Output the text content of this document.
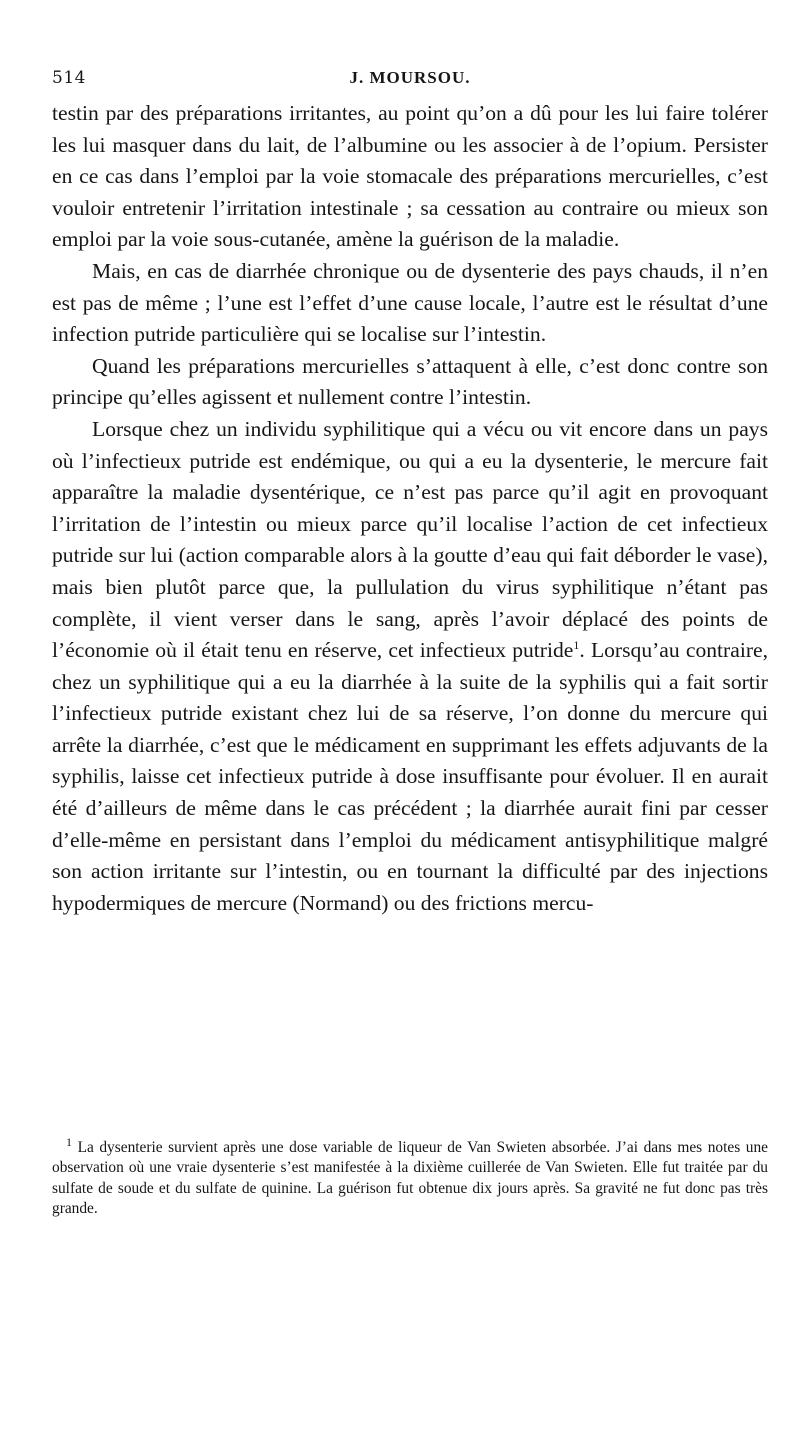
514	J. MOURSOU.

testin par des préparations irritantes, au point qu’on a dû pour les lui faire tolérer les lui masquer dans du lait, de l’albumine ou les associer à de l’opium. Persister en ce cas dans l’emploi par la voie stomacale des préparations mercurielles, c’est vouloir entretenir l’irritation intestinale ; sa cessation au contraire ou mieux son emploi par la voie sous-cutanée, amène la guérison de la maladie.

Mais, en cas de diarrhée chronique ou de dysenterie des pays chauds, il n’en est pas de même ; l’une est l’effet d’une cause locale, l’autre est le résultat d’une infection putride particulière qui se localise sur l’intestin.

Quand les préparations mercurielles s’attaquent à elle, c’est donc contre son principe qu’elles agissent et nullement contre l’intestin.

Lorsque chez un individu syphilitique qui a vécu ou vit encore dans un pays où l’infectieux putride est endémique, ou qui a eu la dysenterie, le mercure fait apparaître la maladie dysentérique, ce n’est pas parce qu’il agit en provoquant l’irritation de l’intestin ou mieux parce qu’il localise l’action de cet infectieux putride sur lui (action comparable alors à la goutte d’eau qui fait déborder le vase), mais bien plutôt parce que, la pullulation du virus syphilitique n’étant pas complète, il vient verser dans le sang, après l’avoir déplacé des points de l’économie où il était tenu en réserve, cet infectieux putride$^1$. Lorsqu’au contraire, chez un syphilitique qui a eu la diarrhée à la suite de la syphilis qui a fait sortir l’infectieux putride existant chez lui de sa réserve, l’on donne du mercure qui arrête la diarrhée, c’est que le médicament en supprimant les effets adjuvants de la syphilis, laisse cet infectieux putride à dose insuffisante pour évoluer. Il en aurait été d’ailleurs de même dans le cas précédent ; la diarrhée aurait fini par cesser d’elle-même en persistant dans l’emploi du médicament antisyphilitique malgré son action irritante sur l’intestin, ou en tournant la difficulté par des injections hypodermiques de mercure (Normand) ou des frictions mercu-

$^1$ La dysenterie survient après une dose variable de liqueur de Van Swieten absorbée. J’ai dans mes notes une observation où une vraie dysenterie s’est manifestée à la dixième cuillerée de Van Swieten. Elle fut traitée par du sulfate de soude et du sulfate de quinine. La guérison fut obtenue dix jours après. Sa gravité ne fut donc pas très grande.
